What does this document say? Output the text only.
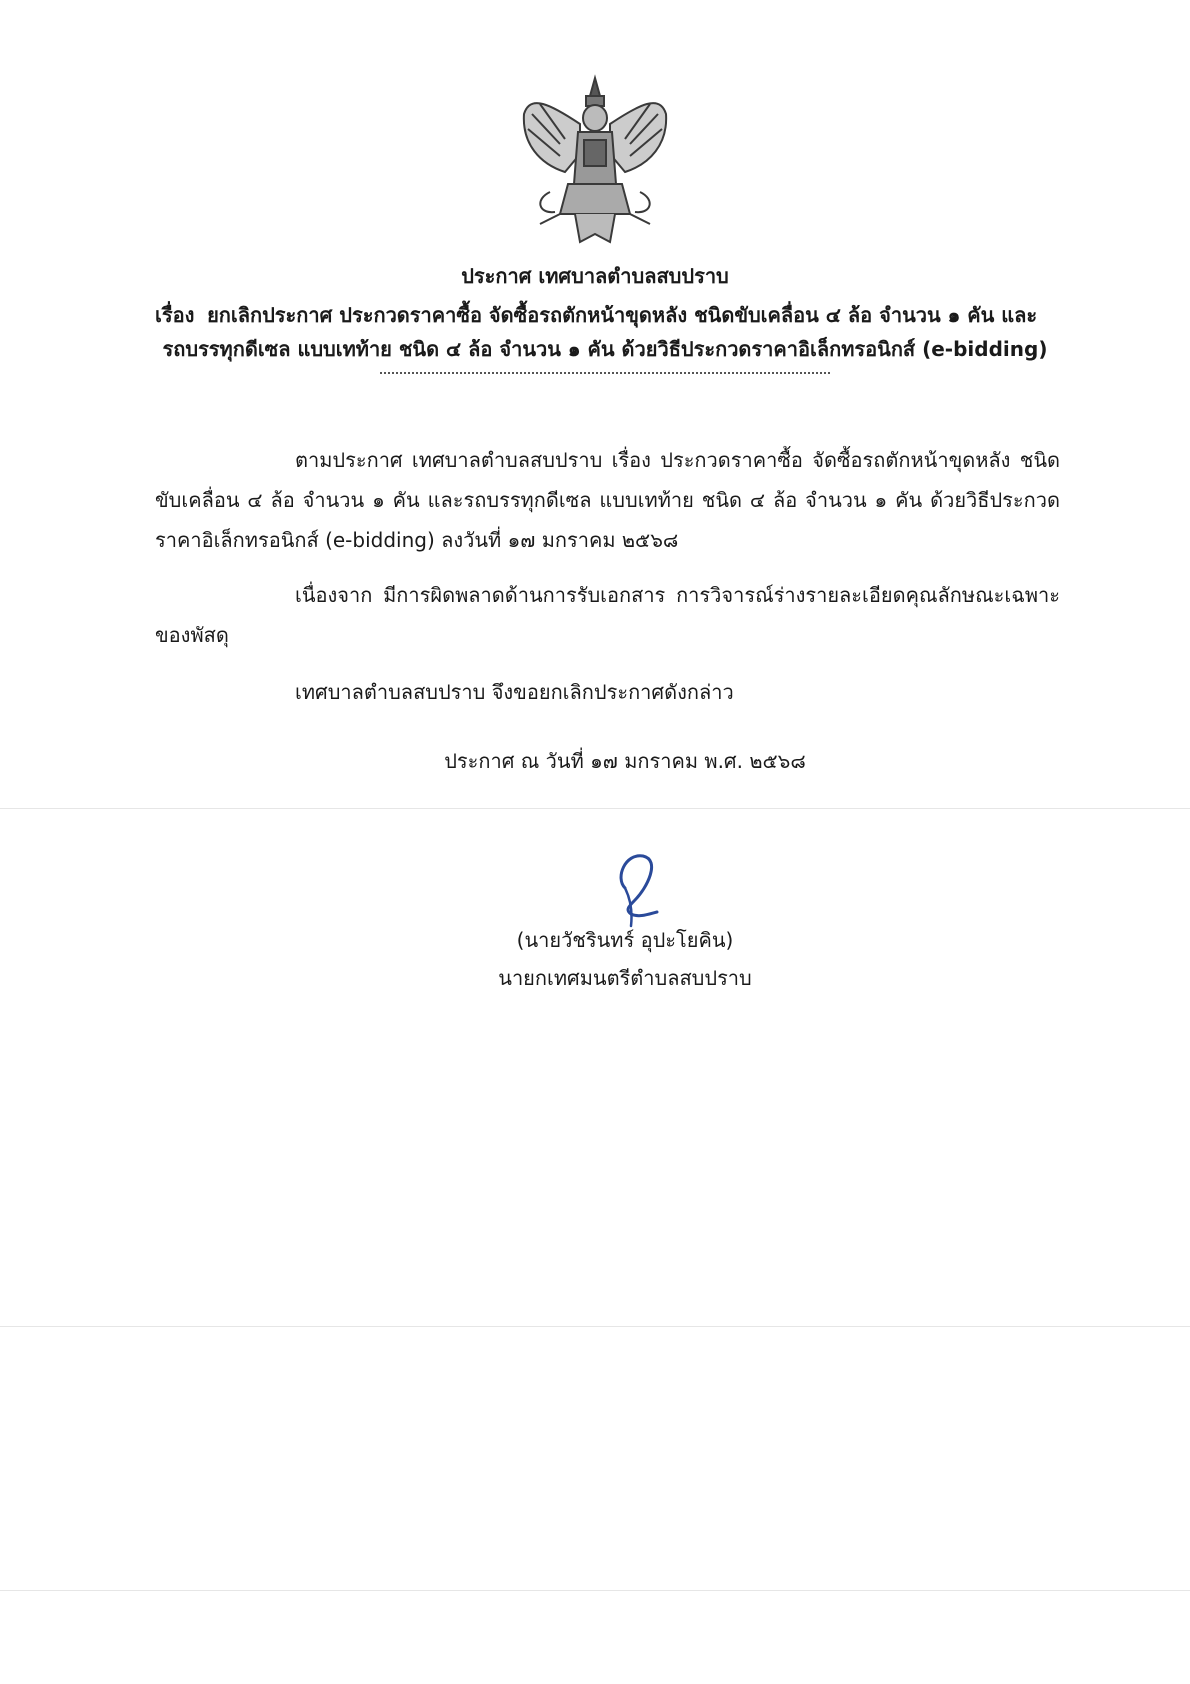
ประกาศ เทศบาลตำบลสบปราบ
เรื่อง ยกเลิกประกาศ ประกวดราคาซื้อ จัดซื้อรถตักหน้าขุดหลัง ชนิดขับเคลื่อน ๔ ล้อ จำนวน ๑ คัน และ
รถบรรทุกดีเซล แบบเทท้าย ชนิด ๔ ล้อ จำนวน ๑ คัน ด้วยวิธีประกวดราคาอิเล็กทรอนิกส์ (e-bidding)
ตามประกาศ เทศบาลตำบลสบปราบ เรื่อง ประกวดราคาซื้อ จัดซื้อรถตักหน้าขุดหลัง ชนิดขับเคลื่อน ๔ ล้อ จำนวน ๑ คัน และรถบรรทุกดีเซล แบบเทท้าย ชนิด ๔ ล้อ จำนวน ๑ คัน ด้วยวิธีประกวดราคาอิเล็กทรอนิกส์ (e-bidding) ลงวันที่ ๑๗ มกราคม ๒๕๖๘
เนื่องจาก มีการผิดพลาดด้านการรับเอกสาร การวิจารณ์ร่างรายละเอียดคุณลักษณะเฉพาะของพัสดุ
เทศบาลตำบลสบปราบ จึงขอยกเลิกประกาศดังกล่าว
ประกาศ ณ วันที่ ๑๗ มกราคม พ.ศ. ๒๕๖๘
(นายวัชรินทร์ อุปะโยคิน)
นายกเทศมนตรีตำบลสบปราบ
